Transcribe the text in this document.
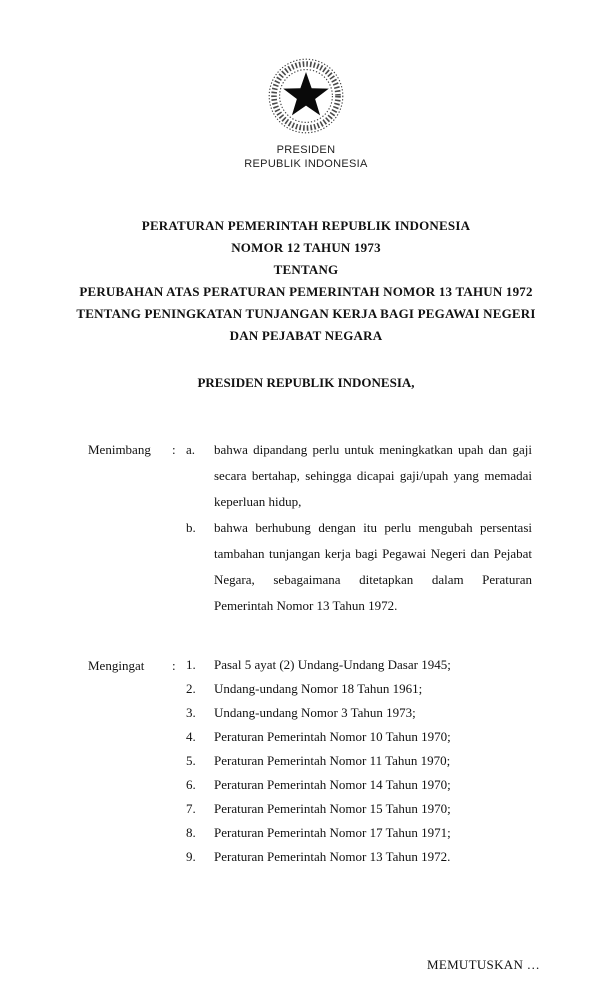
PRESIDEN
REPUBLIK INDONESIA
PERATURAN PEMERINTAH REPUBLIK INDONESIA
NOMOR 12 TAHUN 1973
TENTANG
PERUBAHAN ATAS PERATURAN PEMERINTAH NOMOR 13 TAHUN 1972
TENTANG PENINGKATAN TUNJANGAN KERJA BAGI PEGAWAI NEGERI
DAN PEJABAT NEGARA
PRESIDEN REPUBLIK INDONESIA,
Menimbang	: a.	bahwa dipandang perlu untuk meningkatkan upah dan gaji secara bertahap, sehingga dicapai gaji/upah yang memadai keperluan hidup,
b.	bahwa berhubung dengan itu perlu mengubah persentasi tambahan tunjangan kerja bagi Pegawai Negeri dan Pejabat Negara, sebagaimana ditetapkan dalam Peraturan Pemerintah Nomor 13 Tahun 1972.
Mengingat	: 1.	Pasal 5 ayat (2) Undang-Undang Dasar 1945;
2.	Undang-undang Nomor 18 Tahun 1961;
3.	Undang-undang Nomor 3 Tahun 1973;
4.	Peraturan Pemerintah Nomor 10 Tahun 1970;
5.	Peraturan Pemerintah Nomor 11 Tahun 1970;
6.	Peraturan Pemerintah Nomor 14 Tahun 1970;
7.	Peraturan Pemerintah Nomor 15 Tahun 1970;
8.	Peraturan Pemerintah Nomor 17 Tahun 1971;
9.	Peraturan Pemerintah Nomor 13 Tahun 1972.
MEMUTUSKAN …
